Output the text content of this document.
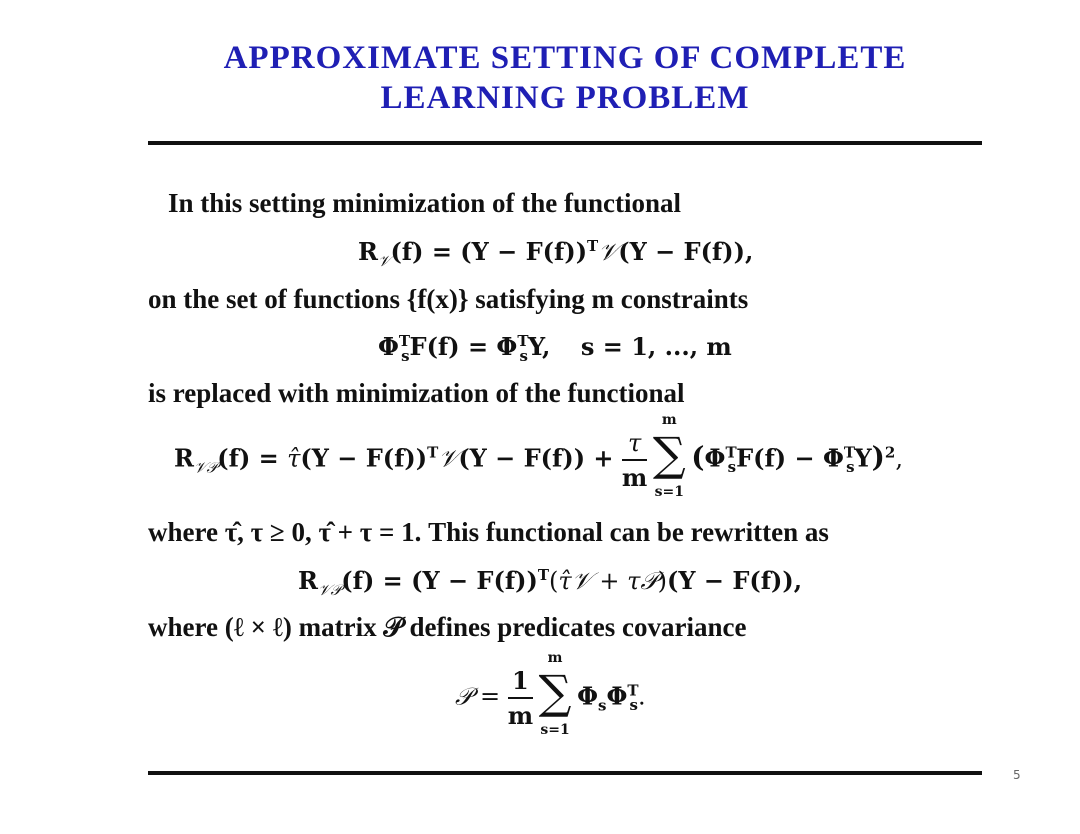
APPROXIMATE SETTING OF COMPLETE
LEARNING PROBLEM
In this setting minimization of the functional
$R_𝒱(f) = (Y$ − $F(f))^T𝒱(Y - F(f))$,
on the set of functions {f(x)} satisfying m constraints
$\Phi^T_sF(f) = \Phi^T_sY$, s = 1, ..., m
is replaced with minimization of the functional
$R_{𝒱𝒫}(f)$ = τ̂(Y − F(f))$^T$𝒱(Y − $F(f)) + \frac{\tau}{m}$
m
∑
s=1
$(\Phi^T_sF(f) - \Phi^T_sY)^2$,
where τ̂, τ ≥ 0, τ̂ + τ = 1. This functional can be rewritten as
$R_{𝒱𝒫}(f) = (Y$ − $F(f))^T(\taû𝒱$ + τ𝒫)(Y − F(f)),
where (ℓ × ℓ) matrix 𝒫 defines predicates covariance
𝒫 = $\frac{1}{m}$
m
∑
s=1
$\Phi_s\Phi^T_s$.
5
